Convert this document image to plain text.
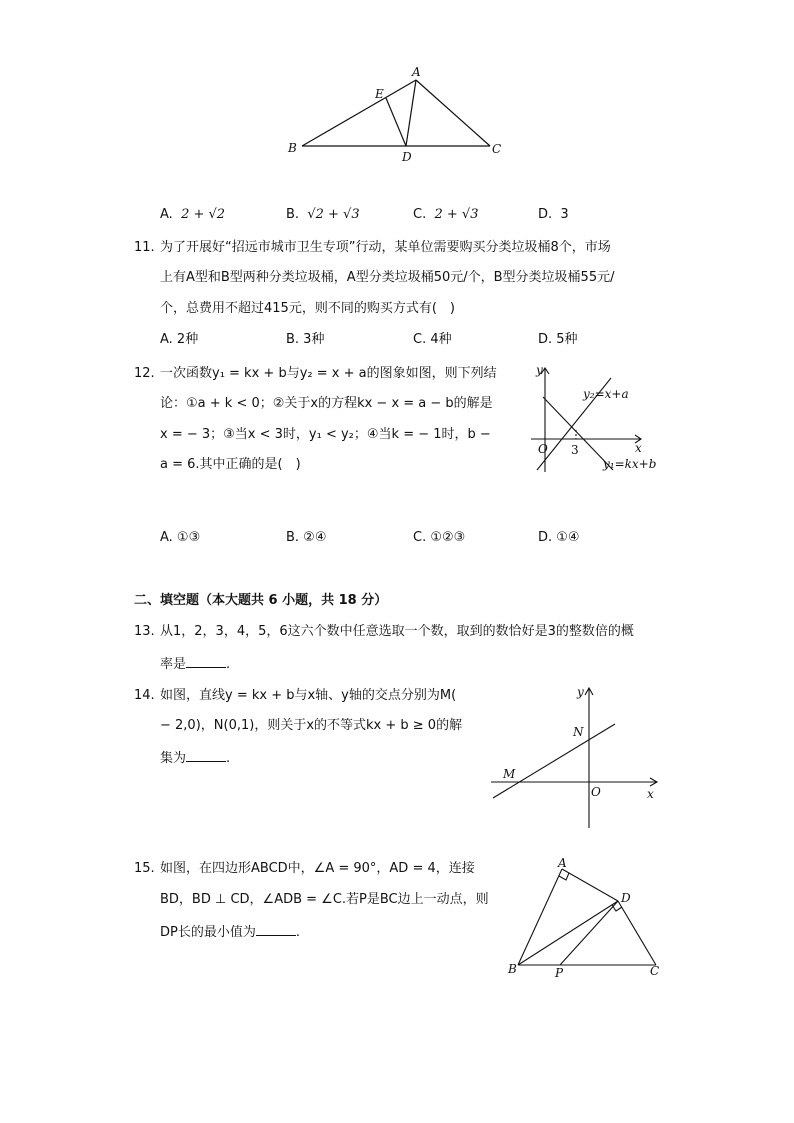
A
E
B
D
C
A. 2 + √2	B. √2 + √3	C. 2 + √3	D. 3
11. 为了开展好“招远市城市卫生专项”行动，某单位需要购买分类垃圾桶8个，市场
上有A型和B型两种分类垃圾桶，A型分类垃圾桶50元/个，B型分类垃圾桶55元/
个，总费用不超过415元，则不同的购买方式有(　)
A. 2种	B. 3种	C. 4种	D. 5种
12. 一次函数y₁ = kx + b与y₂ = x + a的图象如图，则下列结
论：①a + k < 0；②关于x的方程kx − x = a − b的解是
x = − 3；③当x < 3时，y₁ < y₂；④当k = − 1时，b −
a = 6.其中正确的是(　)
y
x
O 3
y₂=x+a
y₁=kx+b
A. ①③	B. ②④	C. ①②③	D. ①④
二、填空题（本大题共 6 小题，共 18 分）
13. 从1，2，3，4，5，6这六个数中任意选取一个数，取到的数恰好是3的整数倍的概
率是	.
14. 如图，直线y = kx + b与x轴、y轴的交点分别为M(
− 2,0)，N(0,1)，则关于x的不等式kx + b ≥ 0的解
集为	.
y
x
O
N
M
15. 如图，在四边形ABCD中，∠A = 90°，AD = 4，连接
BD，BD ⊥ CD，∠ADB = ∠C.若P是BC边上一动点，则
DP长的最小值为	.
A
D
B	P	C
